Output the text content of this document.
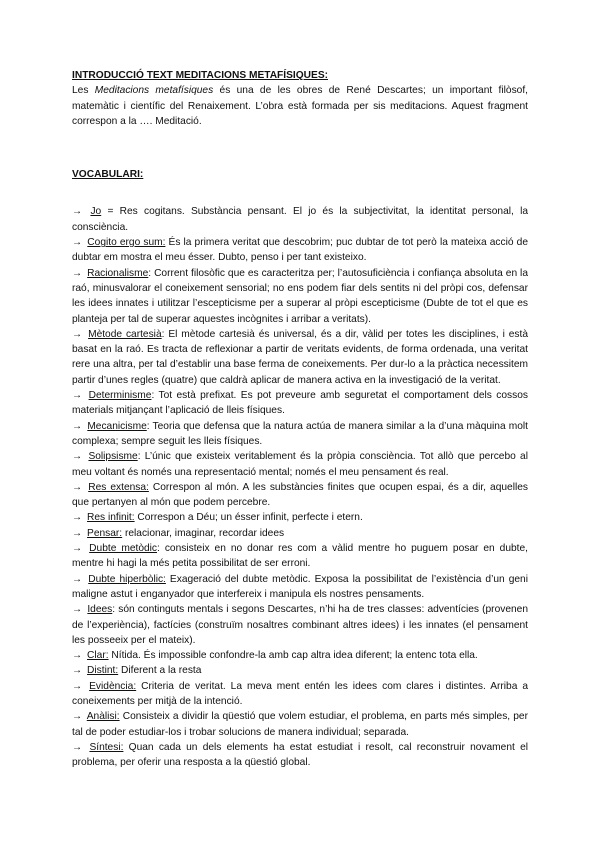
INTRODUCCIÓ TEXT MEDITACIONS METAFÍSIQUES:

Les Meditacions metafísiques és una de les obres de René Descartes; un important filòsof, matemàtic i científic del Renaixement. L’obra està formada per sis meditacions. Aquest fragment correspon a la …. Meditació.

VOCABULARI:

→ Jo = Res cogitans. Substància pensant. El jo és la subjectivitat, la identitat personal, la consciència.

→ Cogito ergo sum: És la primera veritat que descobrim; puc dubtar de tot però la mateixa acció de dubtar em mostra el meu ésser. Dubto, penso i per tant existeixo.

→ Racionalisme: Corrent filosòfic que es caracteritza per; l’autosuficiència i confiança absoluta en la raó, minusvalorar el coneixement sensorial; no ens podem fiar dels sentits ni del pròpi cos, defensar les idees innates i utilitzar l’escepticisme per a superar al pròpi escepticisme (Dubte de tot el que es planteja per tal de superar aquestes incògnites i arribar a veritats).

→ Mètode cartesià: El mètode cartesià és universal, és a dir, vàlid per totes les disciplines, i està basat en la raó. Es tracta de reflexionar a partir de veritats evidents, de forma ordenada, una veritat rere una altra, per tal d’establir una base ferma de coneixements. Per dur-lo a la pràctica necessitem partir d’unes regles (quatre) que caldrà aplicar de manera activa en la investigació de la veritat.

→ Determinisme: Tot està prefixat. Es pot preveure amb seguretat el comportament dels cossos materials mitjançant l’aplicació de lleis físiques.

→ Mecanicisme: Teoria que defensa que la natura actúa de manera similar a la d’una màquina molt complexa; sempre seguit les lleis físiques.

→ Solipsisme: L’únic que existeix veritablement és la pròpia consciència. Tot allò que percebo al meu voltant és només una representació mental; només el meu pensament és real.

→ Res extensa: Correspon al món. A les substàncies finites que ocupen espai, és a dir, aquelles que pertanyen al món que podem percebre.

→ Res infinit: Correspon a Déu; un ésser infinit, perfecte i etern.

→ Pensar: relacionar, imaginar, recordar idees

→ Dubte metòdic: consisteix en no donar res com a vàlid mentre ho puguem posar en dubte, mentre hi hagi la més petita possibilitat de ser erroni.

→ Dubte hiperbòlic: Exageració del dubte metòdic. Exposa la possibilitat de l’existència d’un geni maligne astut i enganyador que interfereix i manipula els nostres pensaments.

→ Idees: són continguts mentals i segons Descartes, n’hi ha de tres classes: adventícies (provenen de l’experiència), factícies (construïm nosaltres combinant altres idees) i les innates (el pensament les posseeix per el mateix).

→ Clar: Nítida. És impossible confondre-la amb cap altra idea diferent; la entenc tota ella.

→ Distint: Diferent a la resta

→ Evidència: Criteria de veritat. La meva ment entén les idees com clares i distintes. Arriba a coneixements per mitjà de la intenció.

→ Anàlisi: Consisteix a dividir la qüestió que volem estudiar, el problema, en parts més simples, per tal de poder estudiar-los i trobar solucions de manera individual; separada.

→ Síntesi: Quan cada un dels elements ha estat estudiat i resolt, cal reconstruir novament el problema, per oferir una resposta a la qüestió global.
